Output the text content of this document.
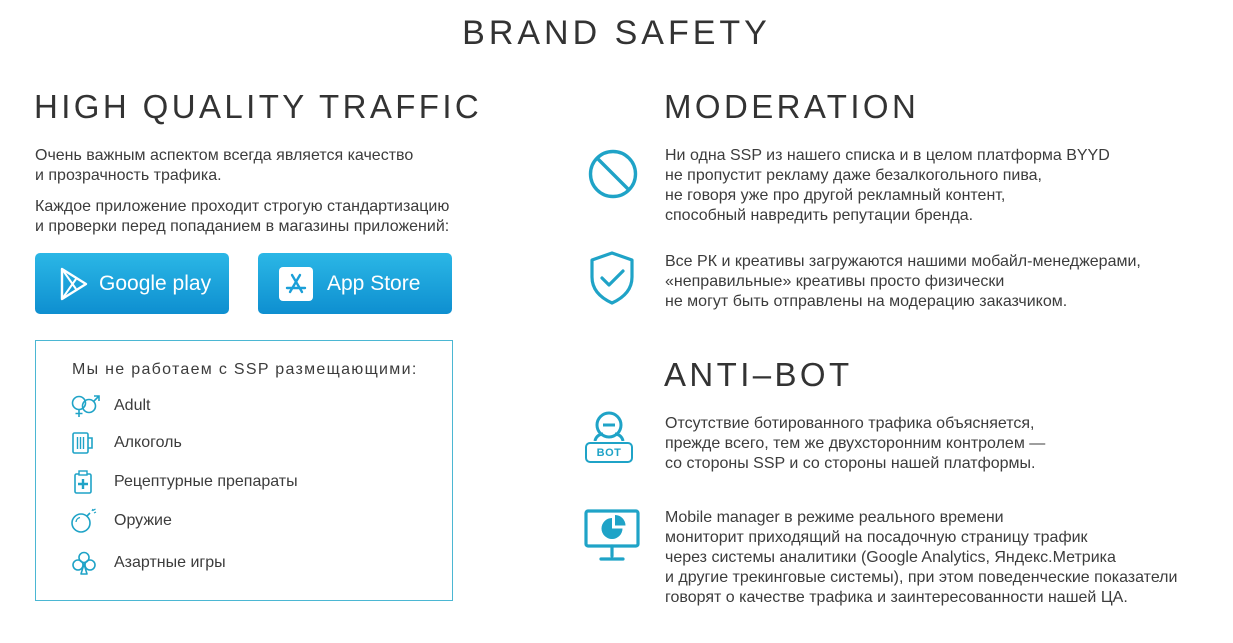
BRAND SAFETY
HIGH QUALITY TRAFFIC
Очень важным аспектом всегда является качество
и прозрачность трафика.
Каждое приложение проходит строгую стандартизацию
и проверки перед попаданием в магазины приложений:
Google play	App Store
Мы не работаем с SSP размещающими:
Adult
Алкоголь
Рецептурные препараты
Оружие
Азартные игры
MODERATION
Ни одна SSP из нашего списка и в целом платформа BYYD
не пропустит рекламу даже безалкогольного пива,
не говоря уже про другой рекламный контент,
способный навредить репутации бренда.
Все РК и креативы загружаются нашими мобайл-менеджерами,
«неправильные» креативы просто физически
не могут быть отправлены на модерацию заказчиком.
ANTI–BOT
BOT
Отсутствие ботированного трафика объясняется,
прежде всего, тем же двухсторонним контролем —
со стороны SSP и со стороны нашей платформы.
Mobile manager в режиме реального времени
мониторит приходящий на посадочную страницу трафик
через системы аналитики (Google Analytics, Яндекс.Метрика
и другие трекинговые системы), при этом поведенческие показатели
говорят о качестве трафика и заинтересованности нашей ЦА.
